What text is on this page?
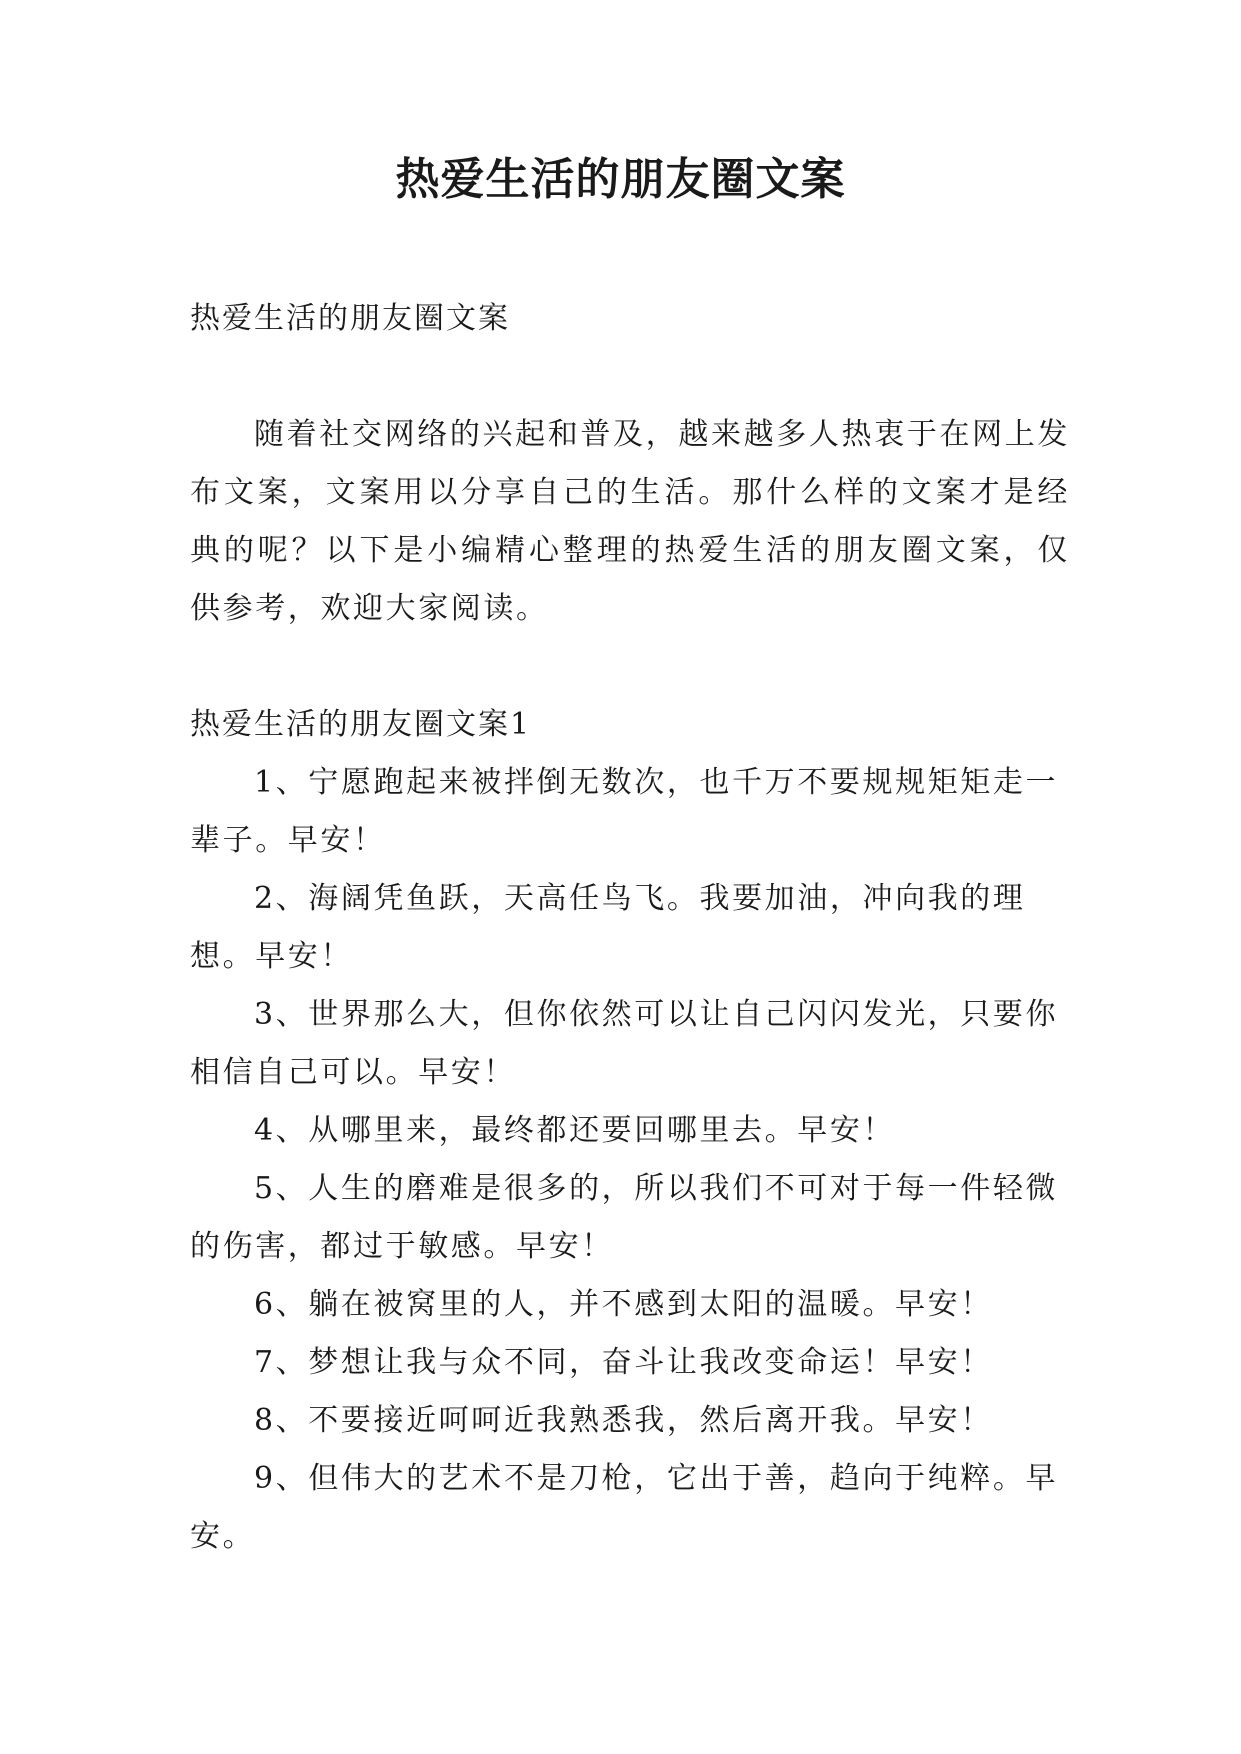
热爱生活的朋友圈文案

热爱生活的朋友圈文案

随着社交网络的兴起和普及，越来越多人热衷于在网上发布文案，文案用以分享自己的生活。那什么样的文案才是经典的呢？以下是小编精心整理的热爱生活的朋友圈文案，仅供参考，欢迎大家阅读。

热爱生活的朋友圈文案1

1、宁愿跑起来被拌倒无数次，也千万不要规规矩矩走一辈子。早安！
2、海阔凭鱼跃，天高任鸟飞。我要加油，冲向我的理想。早安！
3、世界那么大，但你依然可以让自己闪闪发光，只要你相信自己可以。早安！
4、从哪里来，最终都还要回哪里去。早安！
5、人生的磨难是很多的，所以我们不可对于每一件轻微的伤害，都过于敏感。早安！
6、躺在被窝里的人，并不感到太阳的温暖。早安！
7、梦想让我与众不同，奋斗让我改变命运！早安！
8、不要接近呵呵近我熟悉我，然后离开我。早安！
9、但伟大的艺术不是刀枪，它出于善，趋向于纯粹。早安。
